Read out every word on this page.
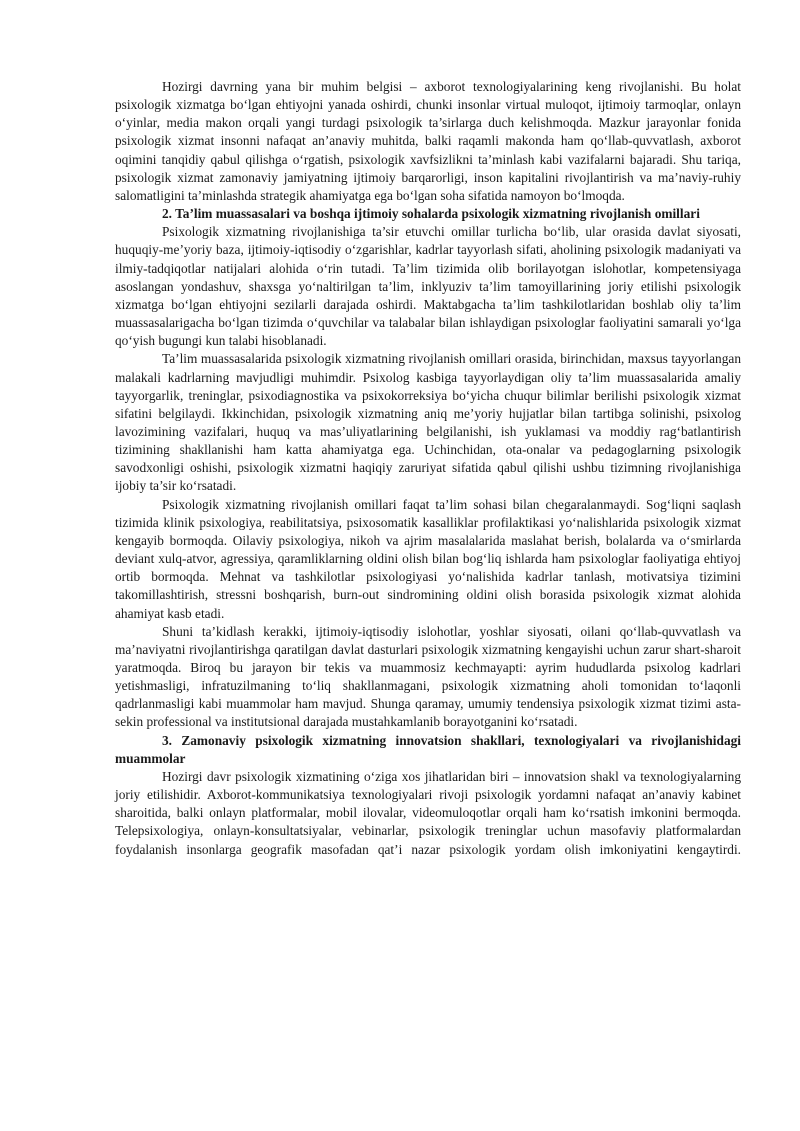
Hozirgi davrning yana bir muhim belgisi – axborot texnologiyalarining keng rivojlanishi. Bu holat psixologik xizmatga bo‘lgan ehtiyojni yanada oshirdi, chunki insonlar virtual muloqot, ijtimoiy tarmoqlar, onlayn o‘yinlar, media makon orqali yangi turdagi psixologik ta’sirlarga duch kelishmoqda. Mazkur jarayonlar fonida psixologik xizmat insonni nafaqat an’anaviy muhitda, balki raqamli makonda ham qo‘llab-quvvatlash, axborot oqimini tanqidiy qabul qilishga o‘rgatish, psixologik xavfsizlikni ta’minlash kabi vazifalarni bajaradi. Shu tariqa, psixologik xizmat zamonaviy jamiyatning ijtimoiy barqarorligi, inson kapitalini rivojlantirish va ma’naviy-ruhiy salomatligini ta’minlashda strategik ahamiyatga ega bo‘lgan soha sifatida namoyon bo‘lmoqda.

2. Ta’lim muassasalari va boshqa ijtimoiy sohalarda psixologik xizmatning rivojlanish omillari

Psixologik xizmatning rivojlanishiga ta’sir etuvchi omillar turlicha bo‘lib, ular orasida davlat siyosati, huquqiy-me’yoriy baza, ijtimoiy-iqtisodiy o‘zgarishlar, kadrlar tayyorlash sifati, aholining psixologik madaniyati va ilmiy-tadqiqotlar natijalari alohida o‘rin tutadi. Ta’lim tizimida olib borilayotgan islohotlar, kompetensiyaga asoslangan yondashuv, shaxsga yo‘naltirilgan ta’lim, inklyuziv ta’lim tamoyillarining joriy etilishi psixologik xizmatga bo‘lgan ehtiyojni sezilarli darajada oshirdi. Maktabgacha ta’lim tashkilotlaridan boshlab oliy ta’lim muassasalarigacha bo‘lgan tizimda o‘quvchilar va talabalar bilan ishlaydigan psixologlar faoliyatini samarali yo‘lga qo‘yish bugungi kun talabi hisoblanadi.

Ta’lim muassasalarida psixologik xizmatning rivojlanish omillari orasida, birinchidan, maxsus tayyorlangan malakali kadrlarning mavjudligi muhimdir. Psixolog kasbiga tayyorlaydigan oliy ta’lim muassasalarida amaliy tayyorgarlik, treninglar, psixodiagnostika va psixokorreksiya bo‘yicha chuqur bilimlar berilishi psixologik xizmat sifatini belgilaydi. Ikkinchidan, psixologik xizmatning aniq me’yoriy hujjatlar bilan tartibga solinishi, psixolog lavozimining vazifalari, huquq va mas’uliyatlarining belgilanishi, ish yuklamasi va moddiy rag‘batlantirish tizimining shakllanishi ham katta ahamiyatga ega. Uchinchidan, ota-onalar va pedagoglarning psixologik savodxonligi oshishi, psixologik xizmatni haqiqiy zaruriyat sifatida qabul qilishi ushbu tizimning rivojlanishiga ijobiy ta’sir ko‘rsatadi.

Psixologik xizmatning rivojlanish omillari faqat ta’lim sohasi bilan chegaralanmaydi. Sog‘liqni saqlash tizimida klinik psixologiya, reabilitatsiya, psixosomatik kasalliklar profilaktikasi yo‘nalishlarida psixologik xizmat kengayib bormoqda. Oilaviy psixologiya, nikoh va ajrim masalalarida maslahat berish, bolalarda va o‘smirlarda deviant xulq-atvor, agressiya, qaramliklarning oldini olish bilan bog‘liq ishlarda ham psixologlar faoliyatiga ehtiyoj ortib bormoqda. Mehnat va tashkilotlar psixologiyasi yo‘nalishida kadrlar tanlash, motivatsiya tizimini takomillashtirish, stressni boshqarish, burn-out sindromining oldini olish borasida psixologik xizmat alohida ahamiyat kasb etadi.

Shuni ta’kidlash kerakki, ijtimoiy-iqtisodiy islohotlar, yoshlar siyosati, oilani qo‘llab-quvvatlash va ma’naviyatni rivojlantirishga qaratilgan davlat dasturlari psixologik xizmatning kengayishi uchun zarur shart-sharoit yaratmoqda. Biroq bu jarayon bir tekis va muammosiz kechmayapti: ayrim hududlarda psixolog kadrlari yetishmasligi, infratuzilmaning to‘liq shakllanmagani, psixologik xizmatning aholi tomonidan to‘laqonli qadrlanmasligi kabi muammolar ham mavjud. Shunga qaramay, umumiy tendensiya psixologik xizmat tizimi asta-sekin professional va institutsional darajada mustahkamlanib borayotganini ko‘rsatadi.

3. Zamonaviy psixologik xizmatning innovatsion shakllari, texnologiyalari va rivojlanishidagi muammolar

Hozirgi davr psixologik xizmatining o‘ziga xos jihatlaridan biri – innovatsion shakl va texnologiyalarning joriy etilishidir. Axborot-kommunikatsiya texnologiyalari rivoji psixologik yordamni nafaqat an’anaviy kabinet sharoitida, balki onlayn platformalar, mobil ilovalar, videomuloqotlar orqali ham ko‘rsatish imkonini bermoqda. Telepsixologiya, onlayn-konsultatsiyalar, vebinarlar, psixologik treninglar uchun masofaviy platformalardan foydalanish insonlarga geografik masofadan qat’i nazar psixologik yordam olish imkoniyatini kengaytirdi.
